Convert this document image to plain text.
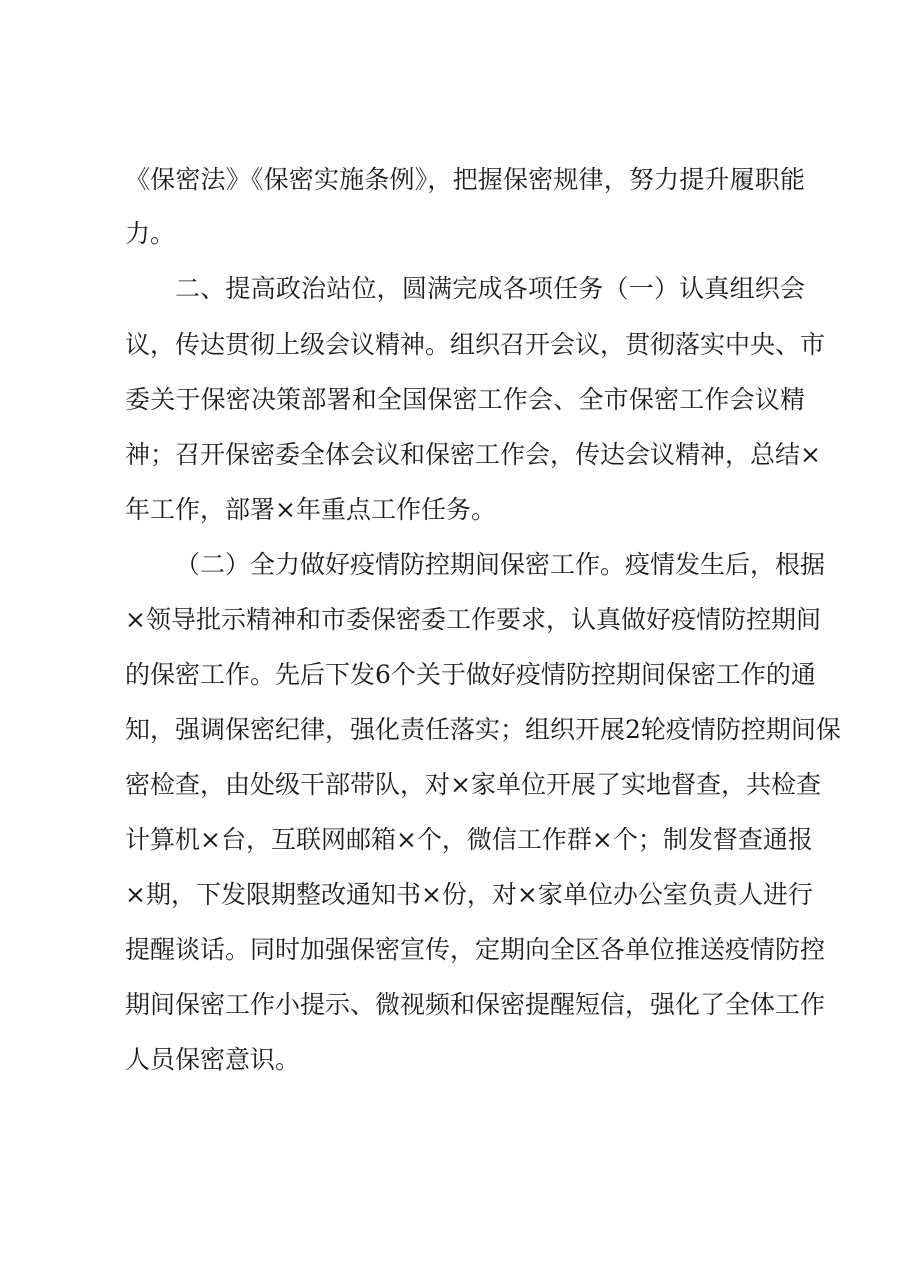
《保密法》《保密实施条例》，把握保密规律，努力提升履职能
力。
二、提高政治站位，圆满完成各项任务（一）认真组织会
议，传达贯彻上级会议精神。组织召开会议，贯彻落实中央、市
委关于保密决策部署和全国保密工作会、全市保密工作会议精
神；召开保密委全体会议和保密工作会，传达会议精神，总结×
年工作，部署×年重点工作任务。
（二）全力做好疫情防控期间保密工作。疫情发生后，根据
×领导批示精神和市委保密委工作要求，认真做好疫情防控期间
的保密工作。先后下发6个关于做好疫情防控期间保密工作的通
知，强调保密纪律，强化责任落实；组织开展2轮疫情防控期间保
密检查，由处级干部带队，对×家单位开展了实地督查，共检查
计算机×台，互联网邮箱×个，微信工作群×个；制发督查通报
×期，下发限期整改通知书×份，对×家单位办公室负责人进行
提醒谈话。同时加强保密宣传，定期向全区各单位推送疫情防控
期间保密工作小提示、微视频和保密提醒短信，强化了全体工作
人员保密意识。
